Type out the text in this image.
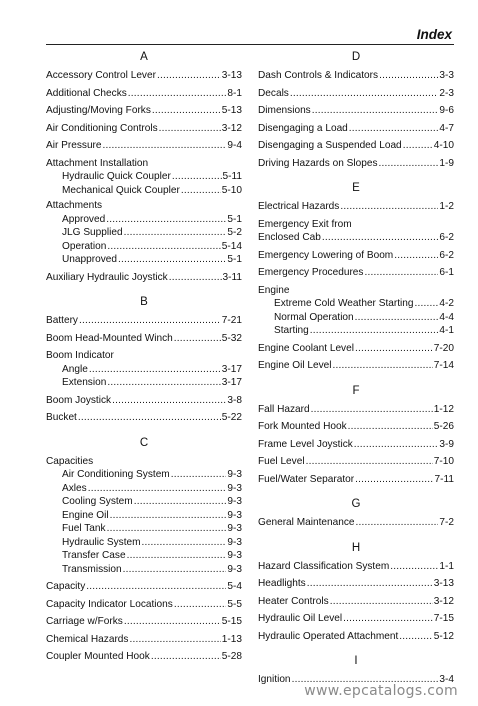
Index
A
Accessory Control Lever .....	3-13
Additional Checks .....	8-1
Adjusting/Moving Forks .....	5-13
Air Conditioning Controls .....	3-12
Air Pressure .....	9-4
Attachment Installation
Hydraulic Quick Coupler .....	5-11
Mechanical Quick Coupler .....	5-10
Attachments
Approved .....	5-1
JLG Supplied .....	5-2
Operation .....	5-14
Unapproved .....	5-1
Auxiliary Hydraulic Joystick .....	3-11
B
Battery .....	7-21
Boom Head-Mounted Winch .....	5-32
Boom Indicator
Angle .....	3-17
Extension .....	3-17
Boom Joystick .....	3-8
Bucket .....	5-22
C
Capacities
Air Conditioning System .....	9-3
Axles .....	9-3
Cooling System .....	9-3
Engine Oil .....	9-3
Fuel Tank .....	9-3
Hydraulic System .....	9-3
Transfer Case .....	9-3
Transmission .....	9-3
Capacity .....	5-4
Capacity Indicator Locations .....	5-5
Carriage w/Forks .....	5-15
Chemical Hazards .....	1-13
Coupler Mounted Hook .....	5-28
D
Dash Controls & Indicators .....	3-3
Decals .....	2-3
Dimensions .....	9-6
Disengaging a Load .....	4-7
Disengaging a Suspended Load .....	4-10
Driving Hazards on Slopes .....	1-9
E
Electrical Hazards .....	1-2
Emergency Exit from
Enclosed Cab .....	6-2
Emergency Lowering of Boom .....	6-2
Emergency Procedures .....	6-1
Engine
Extreme Cold Weather Starting .....	4-2
Normal Operation .....	4-4
Starting .....	4-1
Engine Coolant Level .....	7-20
Engine Oil Level .....	7-14
F
Fall Hazard .....	1-12
Fork Mounted Hook .....	5-26
Frame Level Joystick .....	3-9
Fuel Level .....	7-10
Fuel/Water Separator .....	7-11
G
General Maintenance .....	7-2
H
Hazard Classification System .....	1-1
Headlights .....	3-13
Heater Controls .....	3-12
Hydraulic Oil Level .....	7-15
Hydraulic Operated Attachment .....	5-12
I
Ignition .....	3-4
www.epcatalogs.com
